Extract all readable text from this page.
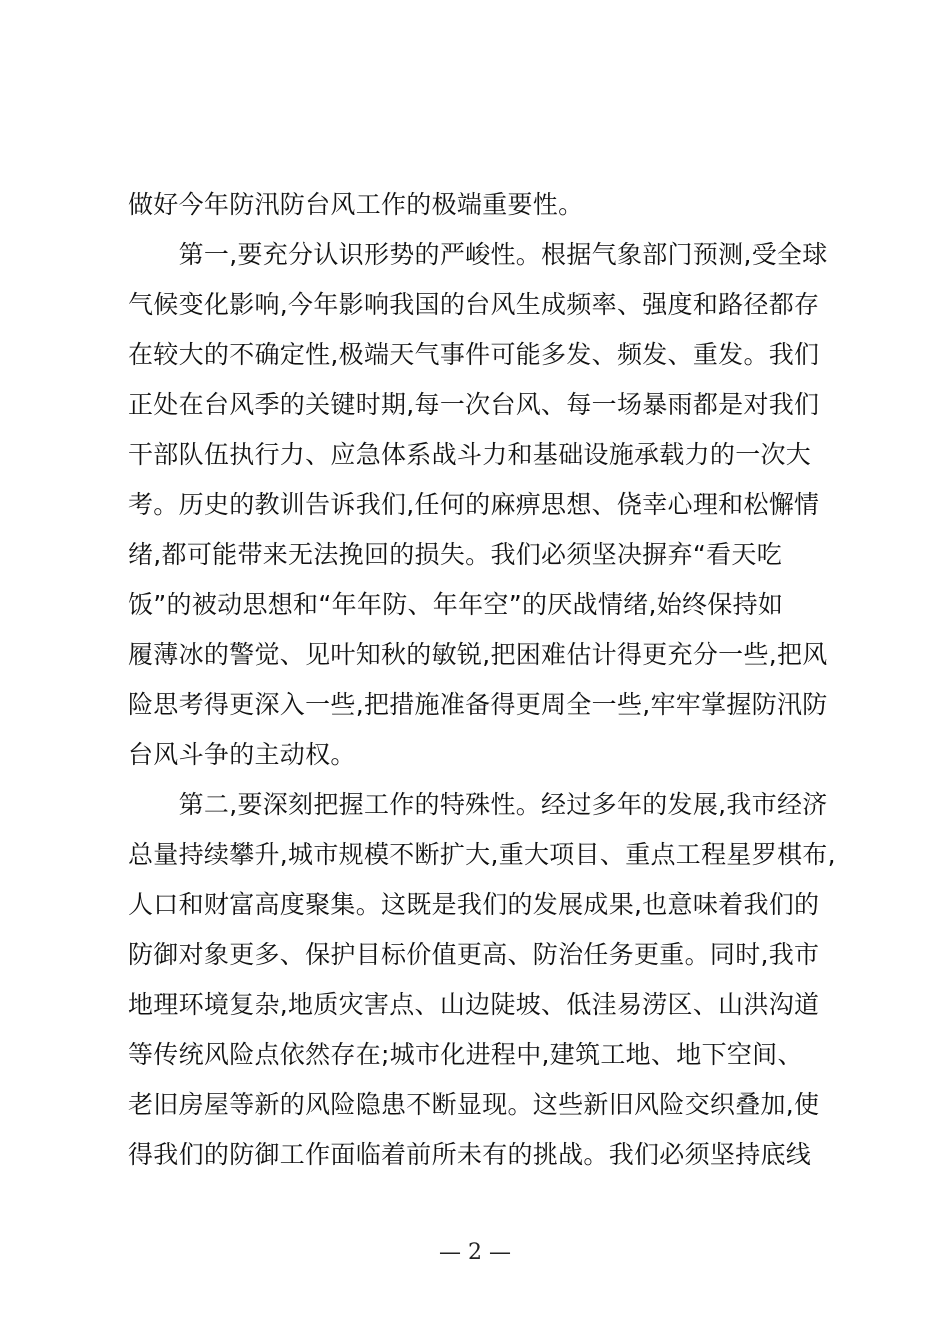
做好今年防汛防台风工作的极端重要性。
　　第一,要充分认识形势的严峻性。根据气象部门预测,受全球
气候变化影响,今年影响我国的台风生成频率、强度和路径都存
在较大的不确定性,极端天气事件可能多发、频发、重发。我们
正处在台风季的关键时期,每一次台风、每一场暴雨都是对我们
干部队伍执行力、应急体系战斗力和基础设施承载力的一次大
考。历史的教训告诉我们,任何的麻痹思想、侥幸心理和松懈情
绪,都可能带来无法挽回的损失。我们必须坚决摒弃“看天吃
饭”的被动思想和“年年防、年年空”的厌战情绪,始终保持如
履薄冰的警觉、见叶知秋的敏锐,把困难估计得更充分一些,把风
险思考得更深入一些,把措施准备得更周全一些,牢牢掌握防汛防
台风斗争的主动权。
　　第二,要深刻把握工作的特殊性。经过多年的发展,我市经济
总量持续攀升,城市规模不断扩大,重大项目、重点工程星罗棋布,
人口和财富高度聚集。这既是我们的发展成果,也意味着我们的
防御对象更多、保护目标价值更高、防治任务更重。同时,我市
地理环境复杂,地质灾害点、山边陡坡、低洼易涝区、山洪沟道
等传统风险点依然存在;城市化进程中,建筑工地、地下空间、
老旧房屋等新的风险隐患不断显现。这些新旧风险交织叠加,使
得我们的防御工作面临着前所未有的挑战。我们必须坚持底线
— 2 —
